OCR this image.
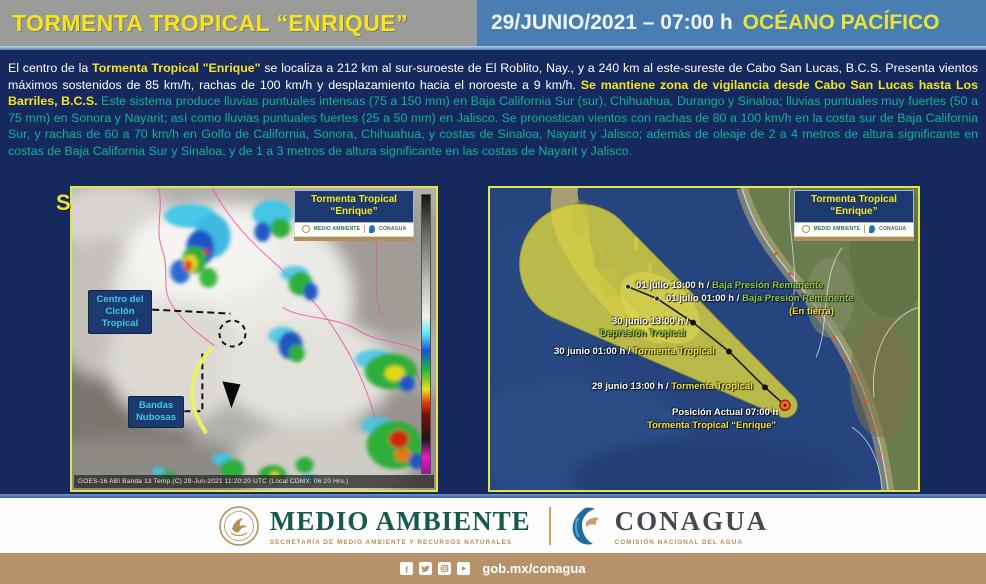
TORMENTA TROPICAL “ENRIQUE”	29/JUNIO/2021 – 07:00 h OCÉANO PACÍFICO

El centro de la Tormenta Tropical "Enrique" se localiza a 212 km al sur-suroeste de El Roblito, Nay., y a 240 km al este-sureste de Cabo San Lucas, B.C.S. Presenta vientos máximos sostenidos de 85 km/h, rachas de 100 km/h y desplazamiento hacia el noroeste a 9 km/h. Se mantiene zona de vigilancia desde Cabo San Lucas hasta Los Barriles, B.C.S. Este sistema produce lluvias puntuales intensas (75 a 150 mm) en Baja California Sur (sur), Chihuahua, Durango y Sinaloa; lluvias puntuales muy fuertes (50 a 75 mm) en Sonora y Nayarit; así como lluvias puntuales fuertes (25 a 50 mm) en Jalisco. Se pronostican vientos con rachas de 80 a 100 km/h en la costa sur de Baja California Sur, y rachas de 60 a 70 km/h en Golfo de California, Sonora, Chihuahua, y costas de Sinaloa, Nayarit y Jalisco; además de oleaje de 2 a 4 metros de altura significante en costas de Baja California Sur y Sinaloa, y de 1 a 3 metros de altura significante en las costas de Nayarit y Jalisco.

S
GOES-16 ABI Banda 13 Temp.(C) 29-Jun-2021 11:20:20 UTC (Local CDMX: 06:20 Hrs.)
Centro del
Ciclón
Tropical
Bandas
Nubosas
Tormenta Tropical
“Enrique”
MEDIO AMBIENTE	CONAGUA
01 julio 13:00 h / Baja Presión Remanente
01 julio 01:00 h / Baja Presión Remanente
(En tierra)
30 junio 13:00 h /
Depresión Tropical
30 junio 01:00 h / Tormenta Tropical
29 junio 13:00 h / Tormenta Tropical
Posición Actual 07:00 h
Tormenta Tropical “Enrique”
Tormenta Tropical
“Enrique”
MEDIO AMBIENTE	CONAGUA
MEDIO AMBIENTE
SECRETARÍA DE MEDIO AMBIENTE Y RECURSOS NATURALES
CONAGUA
COMISIÓN NACIONAL DEL AGUA
f	gob.mx/conagua
